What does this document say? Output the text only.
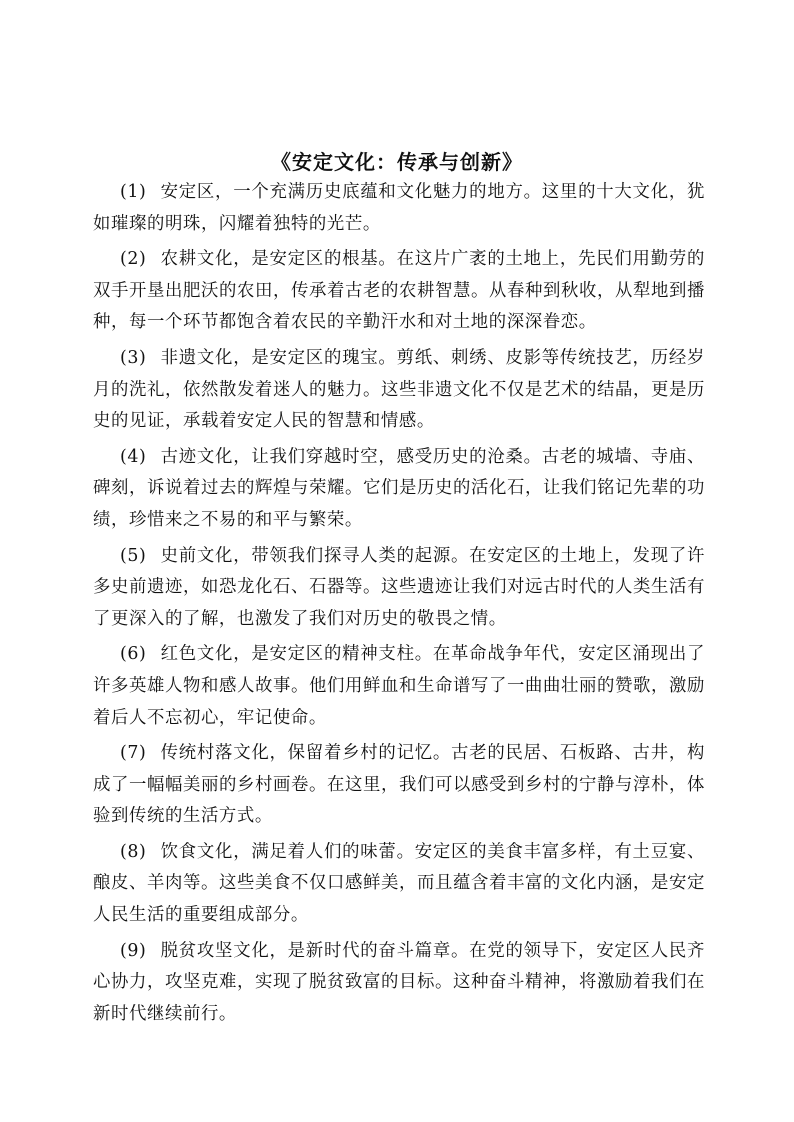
《安定文化：传承与创新》

(1) 安定区，一个充满历史底蕴和文化魅力的地方。这里的十大文化，犹如璀璨的明珠，闪耀着独特的光芒。

(2) 农耕文化，是安定区的根基。在这片广袤的土地上，先民们用勤劳的双手开垦出肥沃的农田，传承着古老的农耕智慧。从春种到秋收，从犁地到播种，每一个环节都饱含着农民的辛勤汗水和对土地的深深眷恋。

(3) 非遗文化，是安定区的瑰宝。剪纸、刺绣、皮影等传统技艺，历经岁月的洗礼，依然散发着迷人的魅力。这些非遗文化不仅是艺术的结晶，更是历史的见证，承载着安定人民的智慧和情感。

(4) 古迹文化，让我们穿越时空，感受历史的沧桑。古老的城墙、寺庙、碑刻，诉说着过去的辉煌与荣耀。它们是历史的活化石，让我们铭记先辈的功绩，珍惜来之不易的和平与繁荣。

(5) 史前文化，带领我们探寻人类的起源。在安定区的土地上，发现了许多史前遗迹，如恐龙化石、石器等。这些遗迹让我们对远古时代的人类生活有了更深入的了解，也激发了我们对历史的敬畏之情。

(6) 红色文化，是安定区的精神支柱。在革命战争年代，安定区涌现出了许多英雄人物和感人故事。他们用鲜血和生命谱写了一曲曲壮丽的赞歌，激励着后人不忘初心，牢记使命。

(7) 传统村落文化，保留着乡村的记忆。古老的民居、石板路、古井，构成了一幅幅美丽的乡村画卷。在这里，我们可以感受到乡村的宁静与淳朴，体验到传统的生活方式。

(8) 饮食文化，满足着人们的味蕾。安定区的美食丰富多样，有土豆宴、酿皮、羊肉等。这些美食不仅口感鲜美，而且蕴含着丰富的文化内涵，是安定人民生活的重要组成部分。

(9) 脱贫攻坚文化，是新时代的奋斗篇章。在党的领导下，安定区人民齐心协力，攻坚克难，实现了脱贫致富的目标。这种奋斗精神，将激励着我们在新时代继续前行。
